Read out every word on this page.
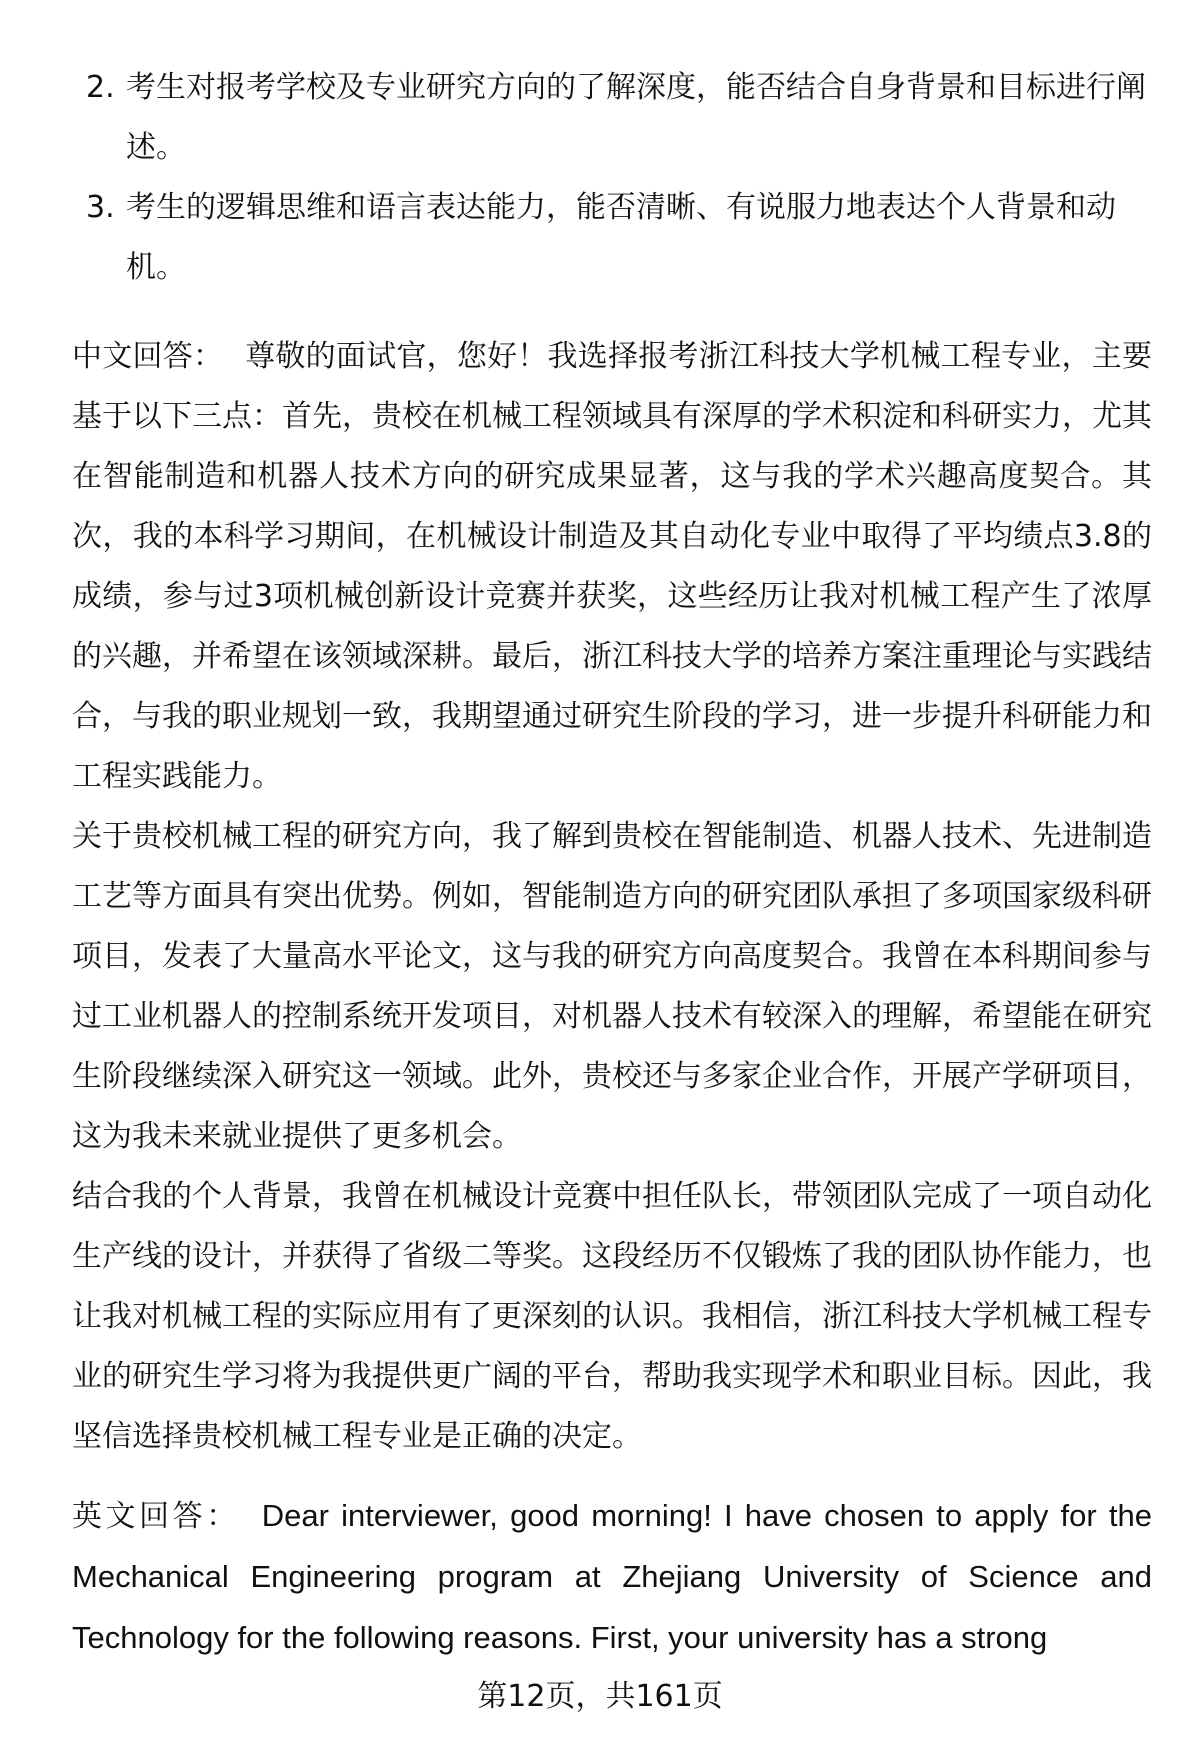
2. 考生对报考学校及专业研究方向的了解深度，能否结合自身背景和目标进行阐述。
3. 考生的逻辑思维和语言表达能力，能否清晰、有说服力地表达个人背景和动机。

中文回答： 尊敬的面试官，您好！我选择报考浙江科技大学机械工程专业，主要基于以下三点：首先，贵校在机械工程领域具有深厚的学术积淀和科研实力，尤其在智能制造和机器人技术方向的研究成果显著，这与我的学术兴趣高度契合。其次，我的本科学习期间，在机械设计制造及其自动化专业中取得了平均绩点3.8的成绩，参与过3项机械创新设计竞赛并获奖，这些经历让我对机械工程产生了浓厚的兴趣，并希望在该领域深耕。最后，浙江科技大学的培养方案注重理论与实践结合，与我的职业规划一致，我期望通过研究生阶段的学习，进一步提升科研能力和工程实践能力。

关于贵校机械工程的研究方向，我了解到贵校在智能制造、机器人技术、先进制造工艺等方面具有突出优势。例如，智能制造方向的研究团队承担了多项国家级科研项目，发表了大量高水平论文，这与我的研究方向高度契合。我曾在本科期间参与过工业机器人的控制系统开发项目，对机器人技术有较深入的理解，希望能在研究生阶段继续深入研究这一领域。此外，贵校还与多家企业合作，开展产学研项目，这为我未来就业提供了更多机会。

结合我的个人背景，我曾在机械设计竞赛中担任队长，带领团队完成了一项自动化生产线的设计，并获得了省级二等奖。这段经历不仅锻炼了我的团队协作能力，也让我对机械工程的实际应用有了更深刻的认识。我相信，浙江科技大学机械工程专业的研究生学习将为我提供更广阔的平台，帮助我实现学术和职业目标。因此，我坚信选择贵校机械工程专业是正确的决定。

英文回答： Dear interviewer, good morning! I have chosen to apply for the Mechanical Engineering program at Zhejiang University of Science and Technology for the following reasons. First, your university has a strong

第12页，共161页
